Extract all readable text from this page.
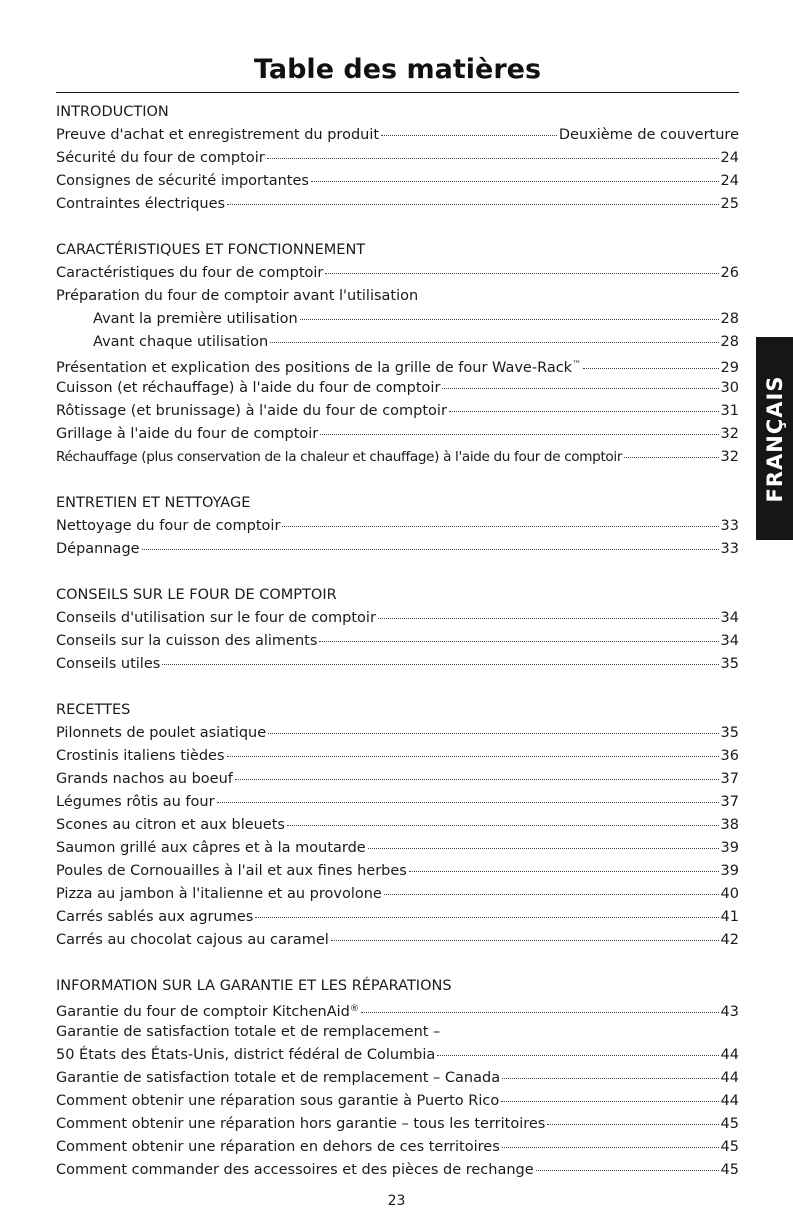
Table des matières
INTRODUCTION
Preuve d'achat et enregistrement du produit	Deuxième de couverture
Sécurité du four de comptoir	24
Consignes de sécurité importantes	24
Contraintes électriques	25
CARACTÉRISTIQUES ET FONCTIONNEMENT
Caractéristiques du four de comptoir	26
Préparation du four de comptoir avant l'utilisation
Avant la première utilisation	28
Avant chaque utilisation	28
Présentation et explication des positions de la grille de four Wave-Rack™	29
Cuisson (et réchauffage) à l'aide du four de comptoir	30
Rôtissage (et brunissage) à l'aide du four de comptoir	31
Grillage à l'aide du four de comptoir	32
Réchauffage (plus conservation de la chaleur et chauffage) à l'aide du four de comptoir	32
ENTRETIEN ET NETTOYAGE
Nettoyage du four de comptoir	33
Dépannage	33
CONSEILS SUR LE FOUR DE COMPTOIR
Conseils d'utilisation sur le four de comptoir	34
Conseils sur la cuisson des aliments	34
Conseils utiles	35
RECETTES
Pilonnets de poulet asiatique	35
Crostinis italiens tièdes	36
Grands nachos au boeuf	37
Légumes rôtis au four	37
Scones au citron et aux bleuets	38
Saumon grillé aux câpres et à la moutarde	39
Poules de Cornouailles à l'ail et aux fines herbes	39
Pizza au jambon à l'italienne et au provolone	40
Carrés sablés aux agrumes	41
Carrés au chocolat cajous au caramel	42
INFORMATION SUR LA GARANTIE ET LES RÉPARATIONS
Garantie du four de comptoir KitchenAid®	43
Garantie de satisfaction totale et de remplacement –
50 États des États-Unis, district fédéral de Columbia	44
Garantie de satisfaction totale et de remplacement – Canada	44
Comment obtenir une réparation sous garantie à Puerto Rico	44
Comment obtenir une réparation hors garantie – tous les territoires	45
Comment obtenir une réparation en dehors de ces territoires	45
Comment commander des accessoires et des pièces de rechange	45
FRANÇAIS
23
